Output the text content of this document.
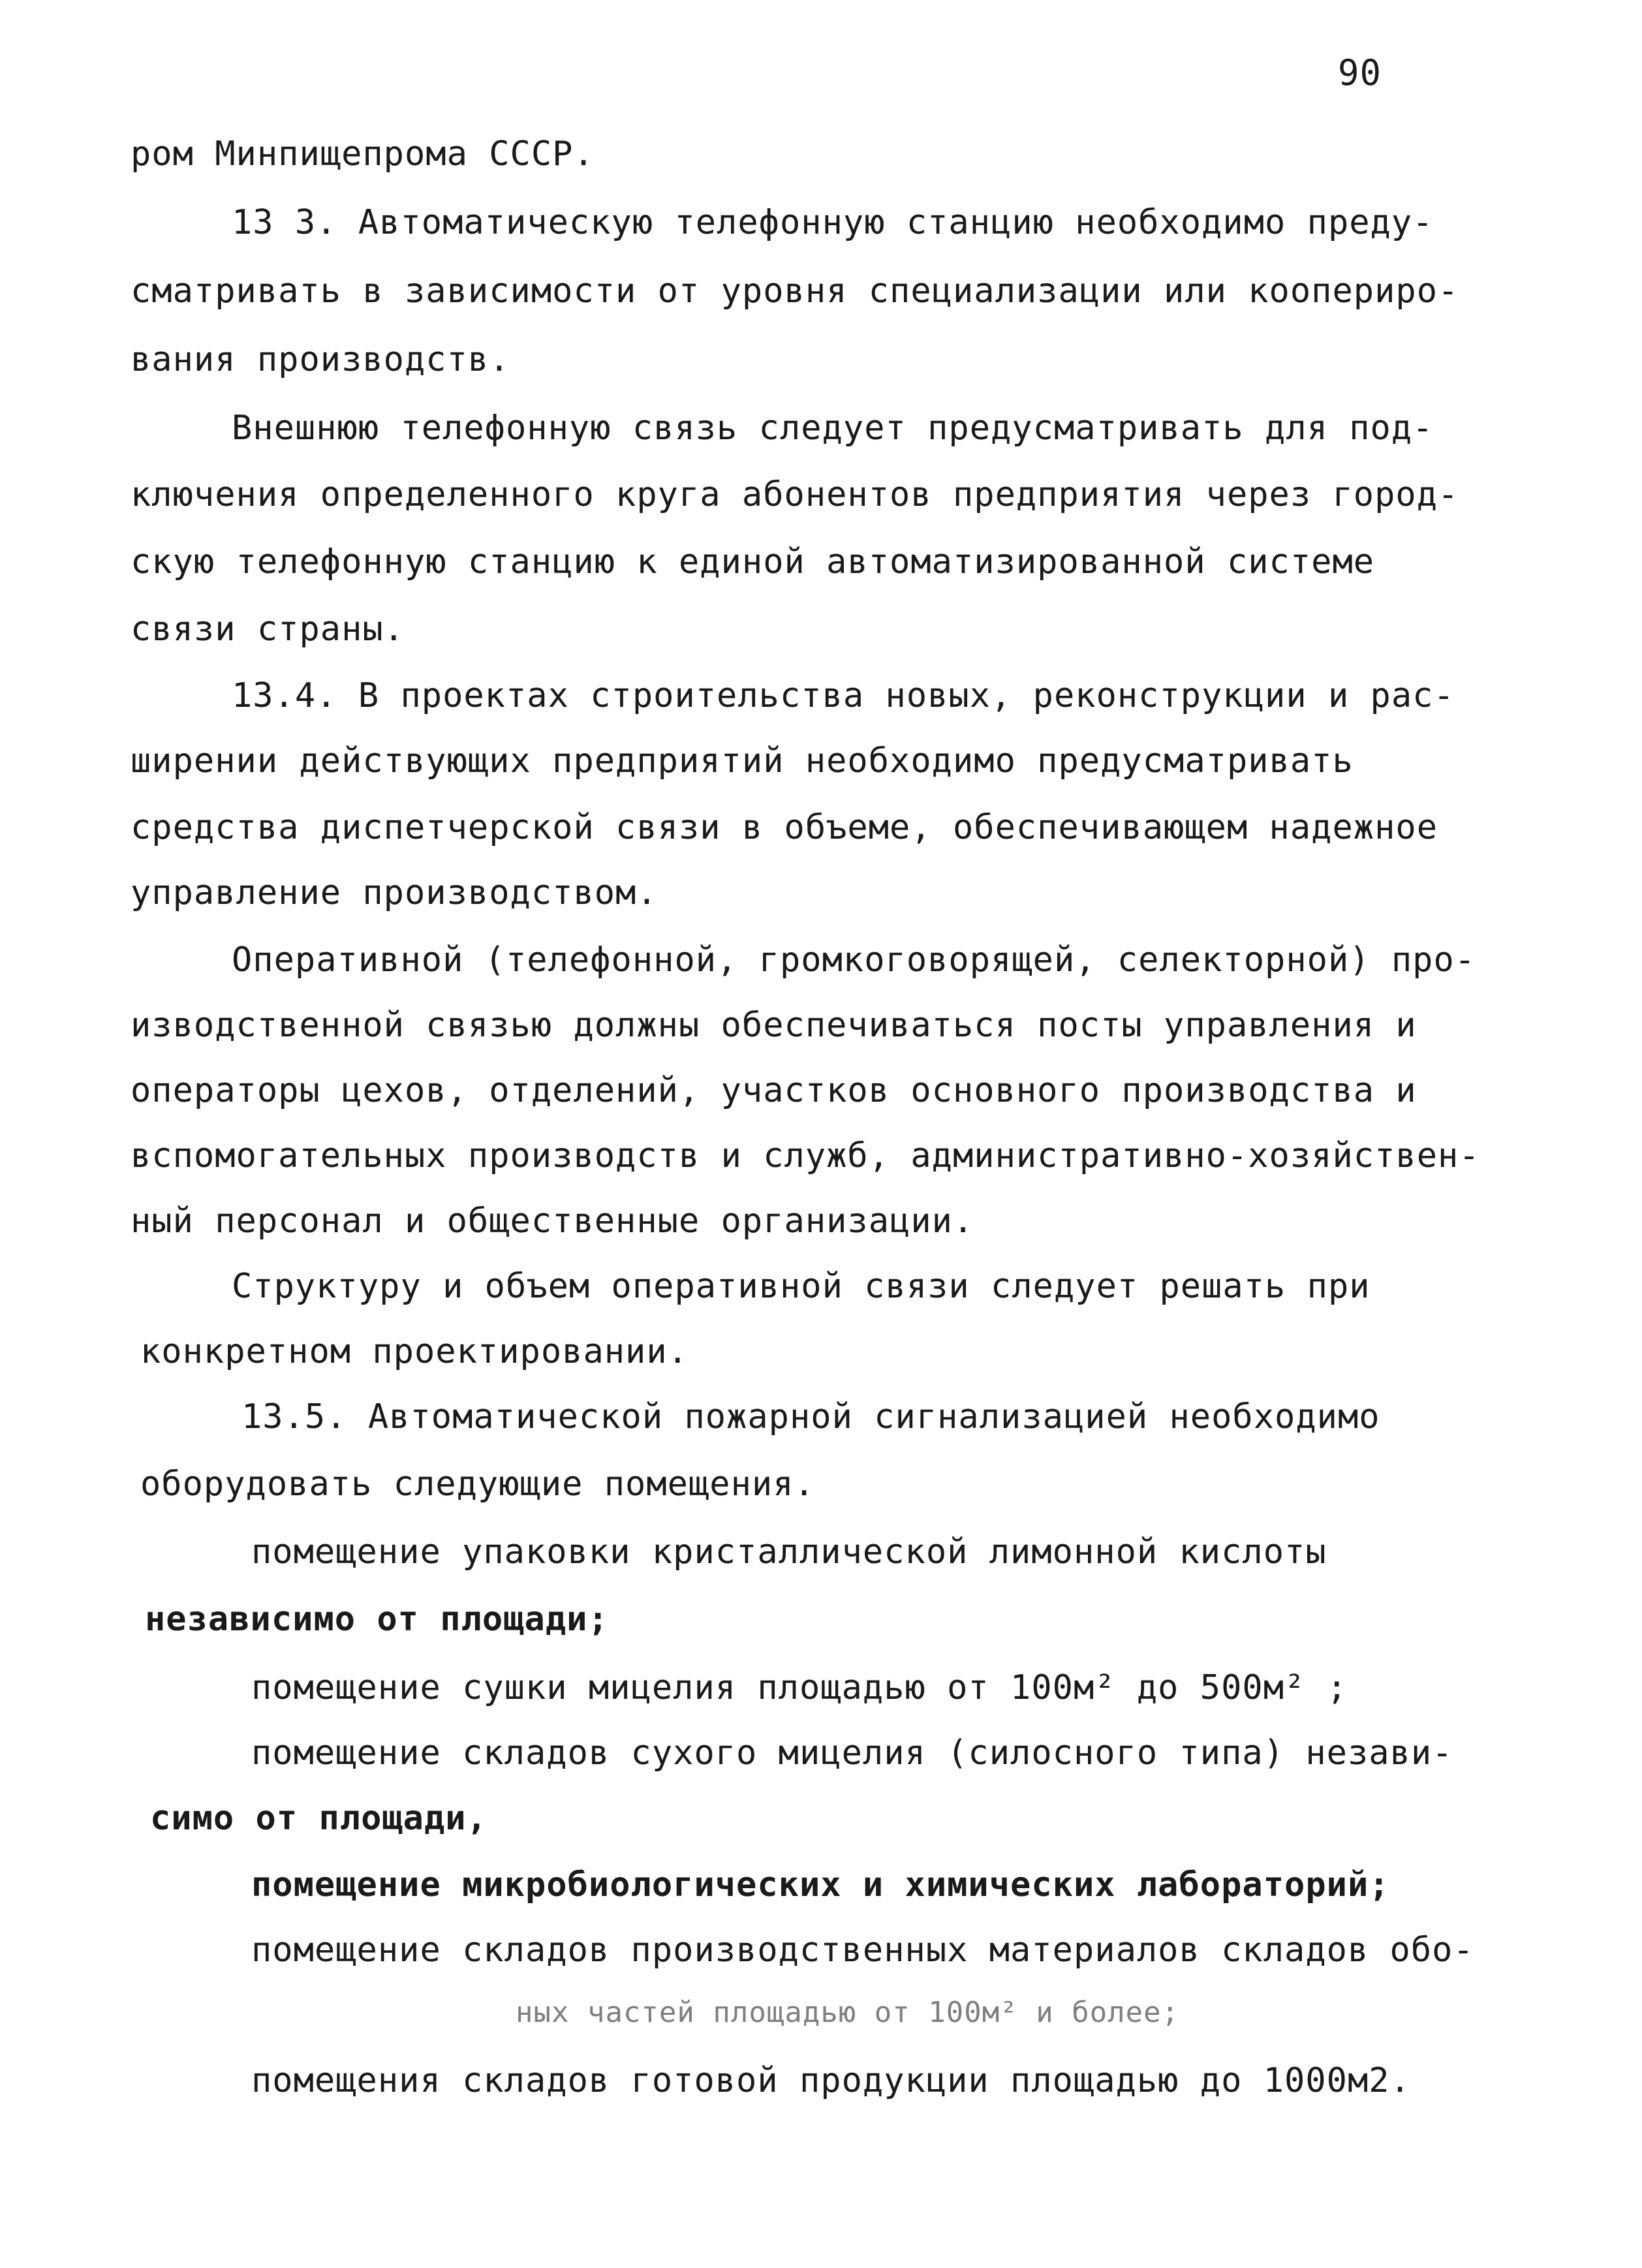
90
ром Минпищепрома СССР.
13 3. Автоматическую телефонную станцию необходимо преду-
сматривать в зависимости от уровня специализации или коопериро-
вания производств.
Внешнюю телефонную связь следует предусматривать для под-
ключения определенного круга абонентов предприятия через город-
скую телефонную станцию к единой автоматизированной системе
связи страны.
13.4. В проектах строительства новых, реконструкции и рас-
ширении действующих предприятий необходимо предусматривать
средства диспетчерской связи в объеме, обеспечивающем надежное
управление производством.
Оперативной (телефонной, громкоговорящей, селекторной) про-
изводственной связью должны обеспечиваться посты управления и
операторы цехов, отделений, участков основного производства и
вспомогательных производств и служб, административно-хозяйствен-
ный персонал и общественные организации.
Структуру и объем оперативной связи следует решать при
конкретном проектировании.
13.5. Автоматической пожарной сигнализацией необходимо
оборудовать следующие помещения.
помещение упаковки кристаллической лимонной кислоты
независимо от площади;
помещение сушки мицелия площадью от 100м² до 500м² ;
помещение складов сухого мицелия (силосного типа) незави-
симо от площади,
помещение микробиологических и химических лабораторий;
помещение складов производственных материалов складов обо-
ных частей площадью от 100м² и более;
помещения складов готовой продукции площадью до 1000м2.
